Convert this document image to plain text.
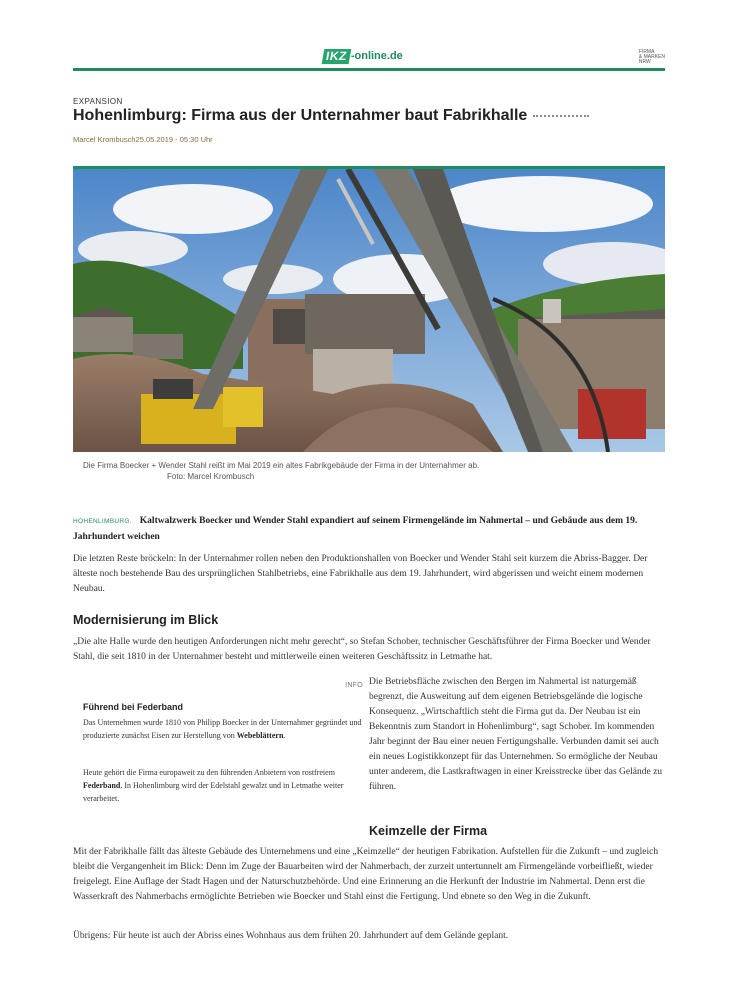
IKZ -online.de	FIRMA
& MARKEN
NRW
EXPANSION
Hohenlimburg: Firma aus der Unternahmer baut Fabrikhalle
Marcel Krombusch25.05.2019 - 05:30 Uhr
Die Firma Boecker + Wender Stahl reißt im Mai 2019 ein altes Fabrikgebäude der Firma in der Unternahmer ab.
Foto: Marcel Krombusch
HOHENLIMBURG. Kaltwalzwerk Boecker und Wender Stahl expandiert auf seinem Firmengelände im Nahmertal – und Gebäude aus dem 19. Jahrhundert weichen
Die letzten Reste bröckeln: In der Unternahmer rollen neben den Produktionshallen von Boecker und Wender Stahl seit kurzem die Abriss-Bagger. Der älteste noch bestehende Bau des ursprünglichen Stahlbetriebs, eine Fabrikhalle aus dem 19. Jahrhundert, wird abgerissen und weicht einem modernen Neubau.
Modernisierung im Blick
„Die alte Halle wurde den heutigen Anforderungen nicht mehr gerecht“, so Stefan Schober, technischer Geschäftsführer der Firma Boecker und Wender Stahl, die seit 1810 in der Unternahmer besteht und mittlerweile einen weiteren Geschäftssitz in Letmathe hat.
INFO
Führend bei Federband
Das Unternehmen wurde 1810 von Philipp Boecker in der Unternahmer gegründet und produzierte zunächst Eisen zur Herstellung von Webeblättern.
Heute gehört die Firma europaweit zu den führenden Anbietern von rostfreiem Federband. In Hohenlimburg wird der Edelstahl gewalzt und in Letmathe weiter verarbeitet.
Die Betriebsfläche zwischen den Bergen im Nahmertal ist naturgemäß begrenzt, die Ausweitung auf dem eigenen Betriebsgelände die logische Konsequenz. „Wirtschaftlich steht die Firma gut da. Der Neubau ist ein Bekenntnis zum Standort in Hohenlimburg“, sagt Schober. Im kommenden Jahr beginnt der Bau einer neuen Fertigungshalle. Verbunden damit sei auch ein neues Logistikkonzept für das Unternehmen. So ermögliche der Neubau unter anderem, die Lastkraftwagen in einer Kreisstrecke über das Gelände zu führen.
Keimzelle der Firma
Mit der Fabrikhalle fällt das älteste Gebäude des Unternehmens und eine „Keimzelle“ der heutigen Fabrikation. Aufstellen für die Zukunft – und zugleich bleibt die Vergangenheit im Blick: Denn im Zuge der Bauarbeiten wird der Nahmerbach, der zurzeit untertunnelt am Firmengelände vorbeifließt, wieder freigelegt. Eine Auflage der Stadt Hagen und der Naturschutzbehörde. Und eine Erinnerung an die Herkunft der Industrie im Nahmertal. Denn erst die Wasserkraft des Nahmerbachs ermöglichte Betrieben wie Boecker und Stahl einst die Fertigung. Und ebnete so den Weg in die Zukunft.
Übrigens: Für heute ist auch der Abriss eines Wohnhaus aus dem frühen 20. Jahrhundert auf dem Gelände geplant.
